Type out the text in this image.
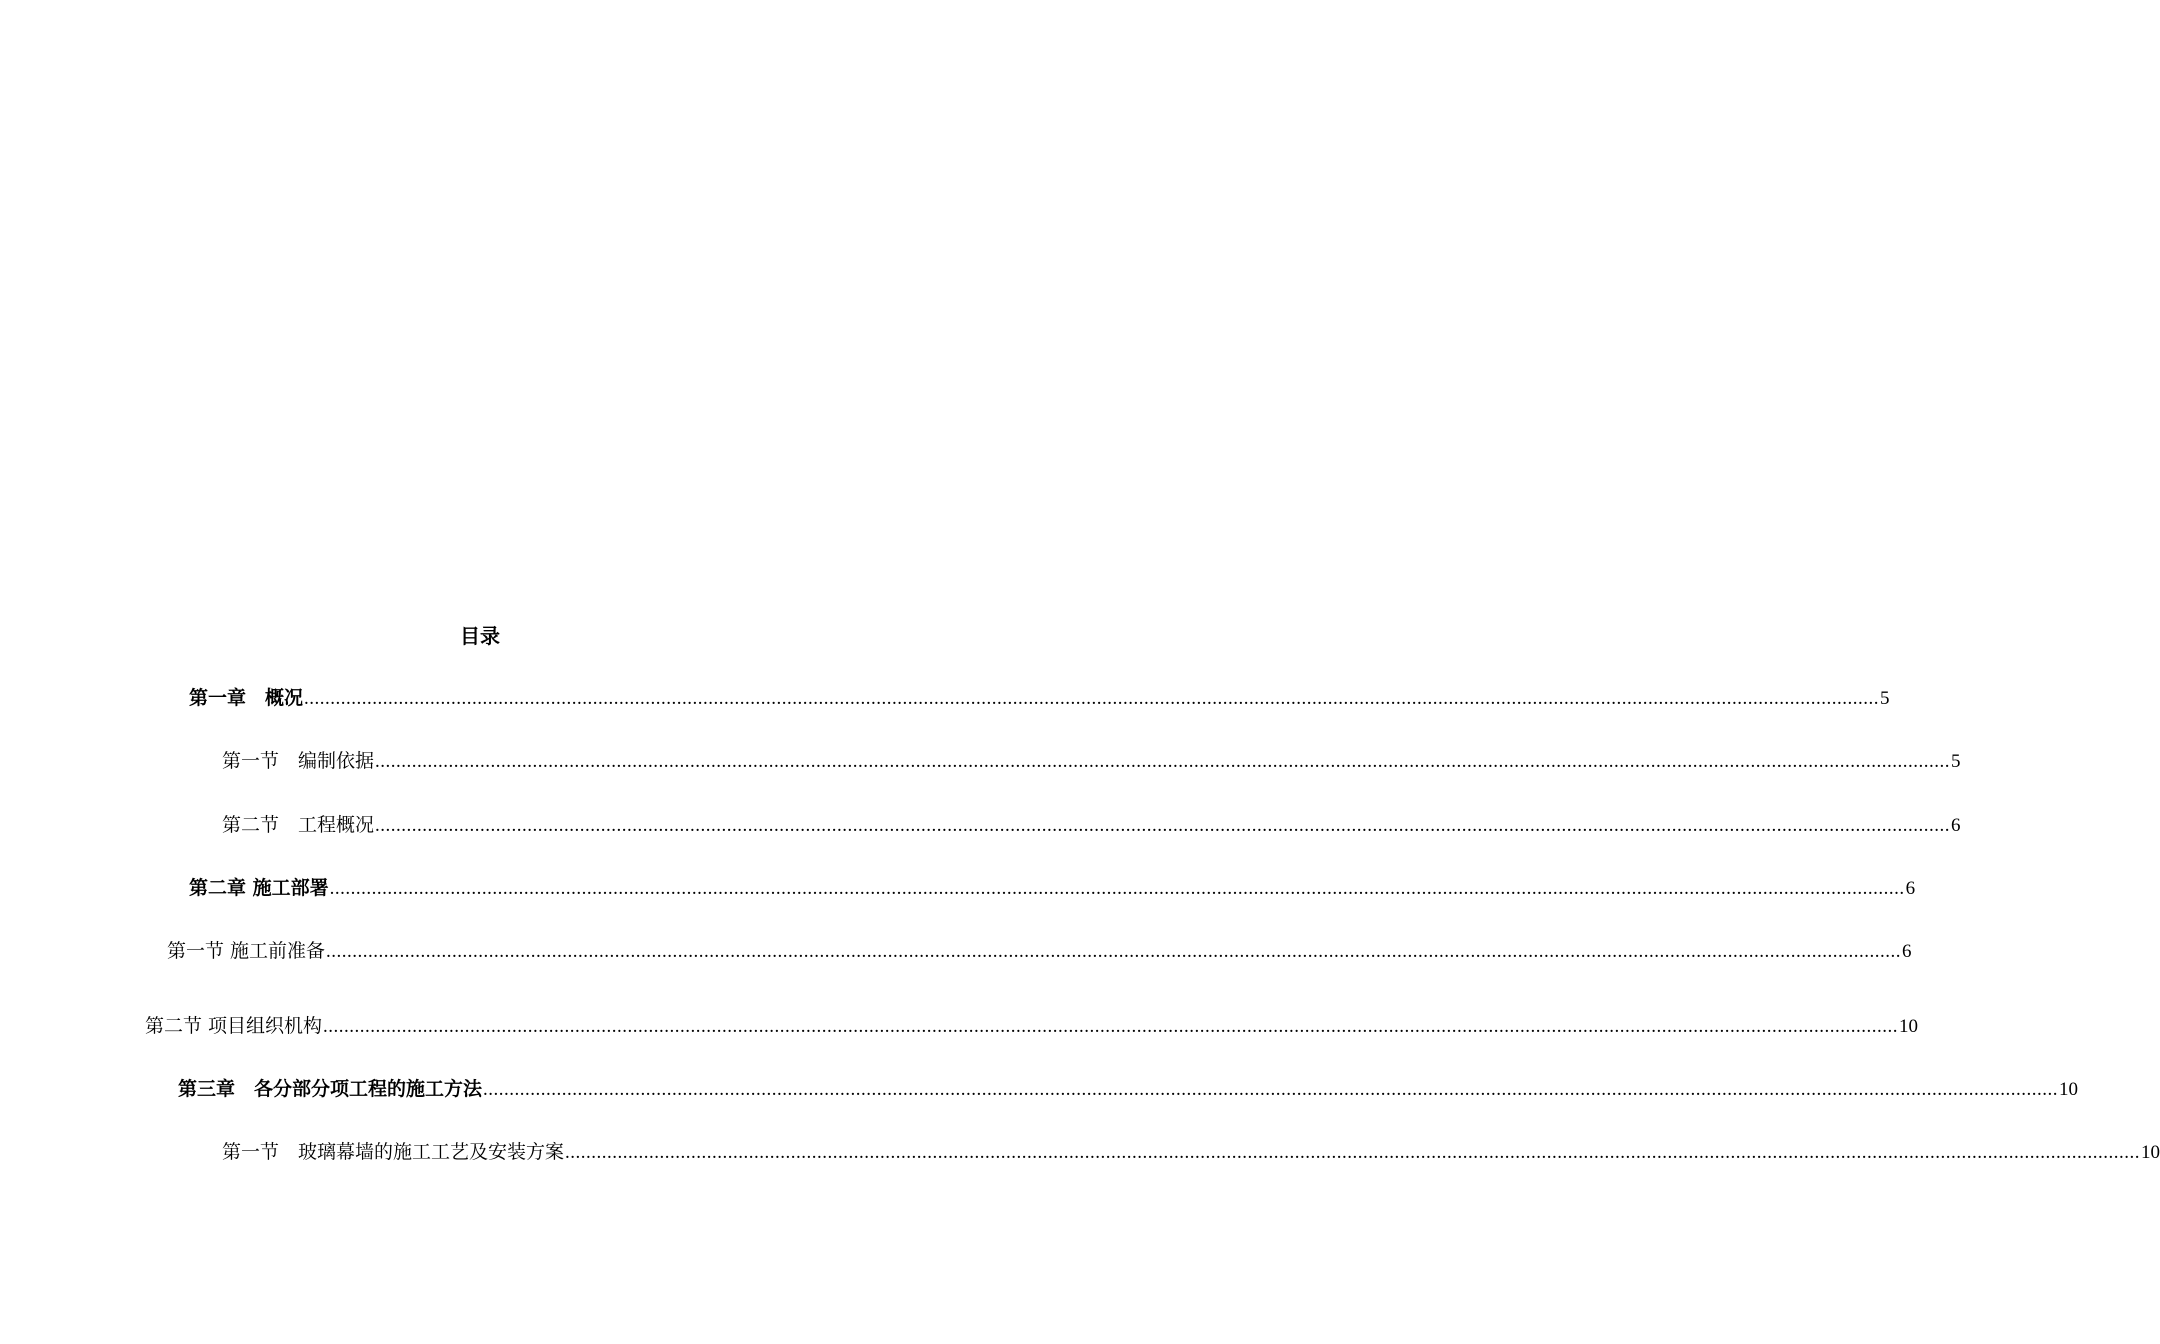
目录
第一章　概况 ............................................................................................................................................................................................................................................................................................................ 5
第一节　编制依据 ............................................................................................................................................................................................................................................................................................................ 5
第二节　工程概况 ............................................................................................................................................................................................................................................................................................................ 6
第二章 施工部署 ............................................................................................................................................................................................................................................................................................................ 6
第一节 施工前准备 ............................................................................................................................................................................................................................................................................................................ 6
第二节 项目组织机构 ............................................................................................................................................................................................................................................................................................................ 10
第三章　各分部分项工程的施工方法 ............................................................................................................................................................................................................................................................................................................ 10
第一节　玻璃幕墙的施工工艺及安装方案 ............................................................................................................................................................................................................................................................................................................ 10
